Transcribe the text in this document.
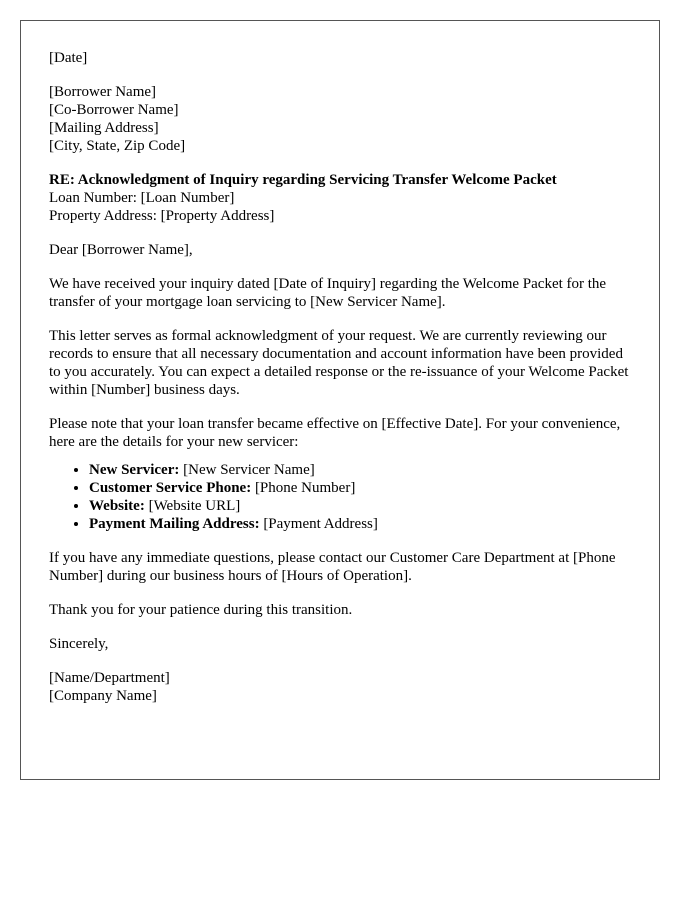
[Date]
[Borrower Name]
[Co-Borrower Name]
[Mailing Address]
[City, State, Zip Code]
RE: Acknowledgment of Inquiry regarding Servicing Transfer Welcome Packet
Loan Number: [Loan Number]
Property Address: [Property Address]

Dear [Borrower Name],

We have received your inquiry dated [Date of Inquiry] regarding the Welcome Packet for the transfer of your mortgage loan servicing to [New Servicer Name].

This letter serves as formal acknowledgment of your request. We are currently reviewing our records to ensure that all necessary documentation and account information have been provided to you accurately. You can expect a detailed response or the re-issuance of your Welcome Packet within [Number] business days.

Please note that your loan transfer became effective on [Effective Date]. For your convenience, here are the details for your new servicer:

• New Servicer: [New Servicer Name]
• Customer Service Phone: [Phone Number]
• Website: [Website URL]
• Payment Mailing Address: [Payment Address]

If you have any immediate questions, please contact our Customer Care Department at [Phone Number] during our business hours of [Hours of Operation].

Thank you for your patience during this transition.

Sincerely,

[Name/Department]
[Company Name]
